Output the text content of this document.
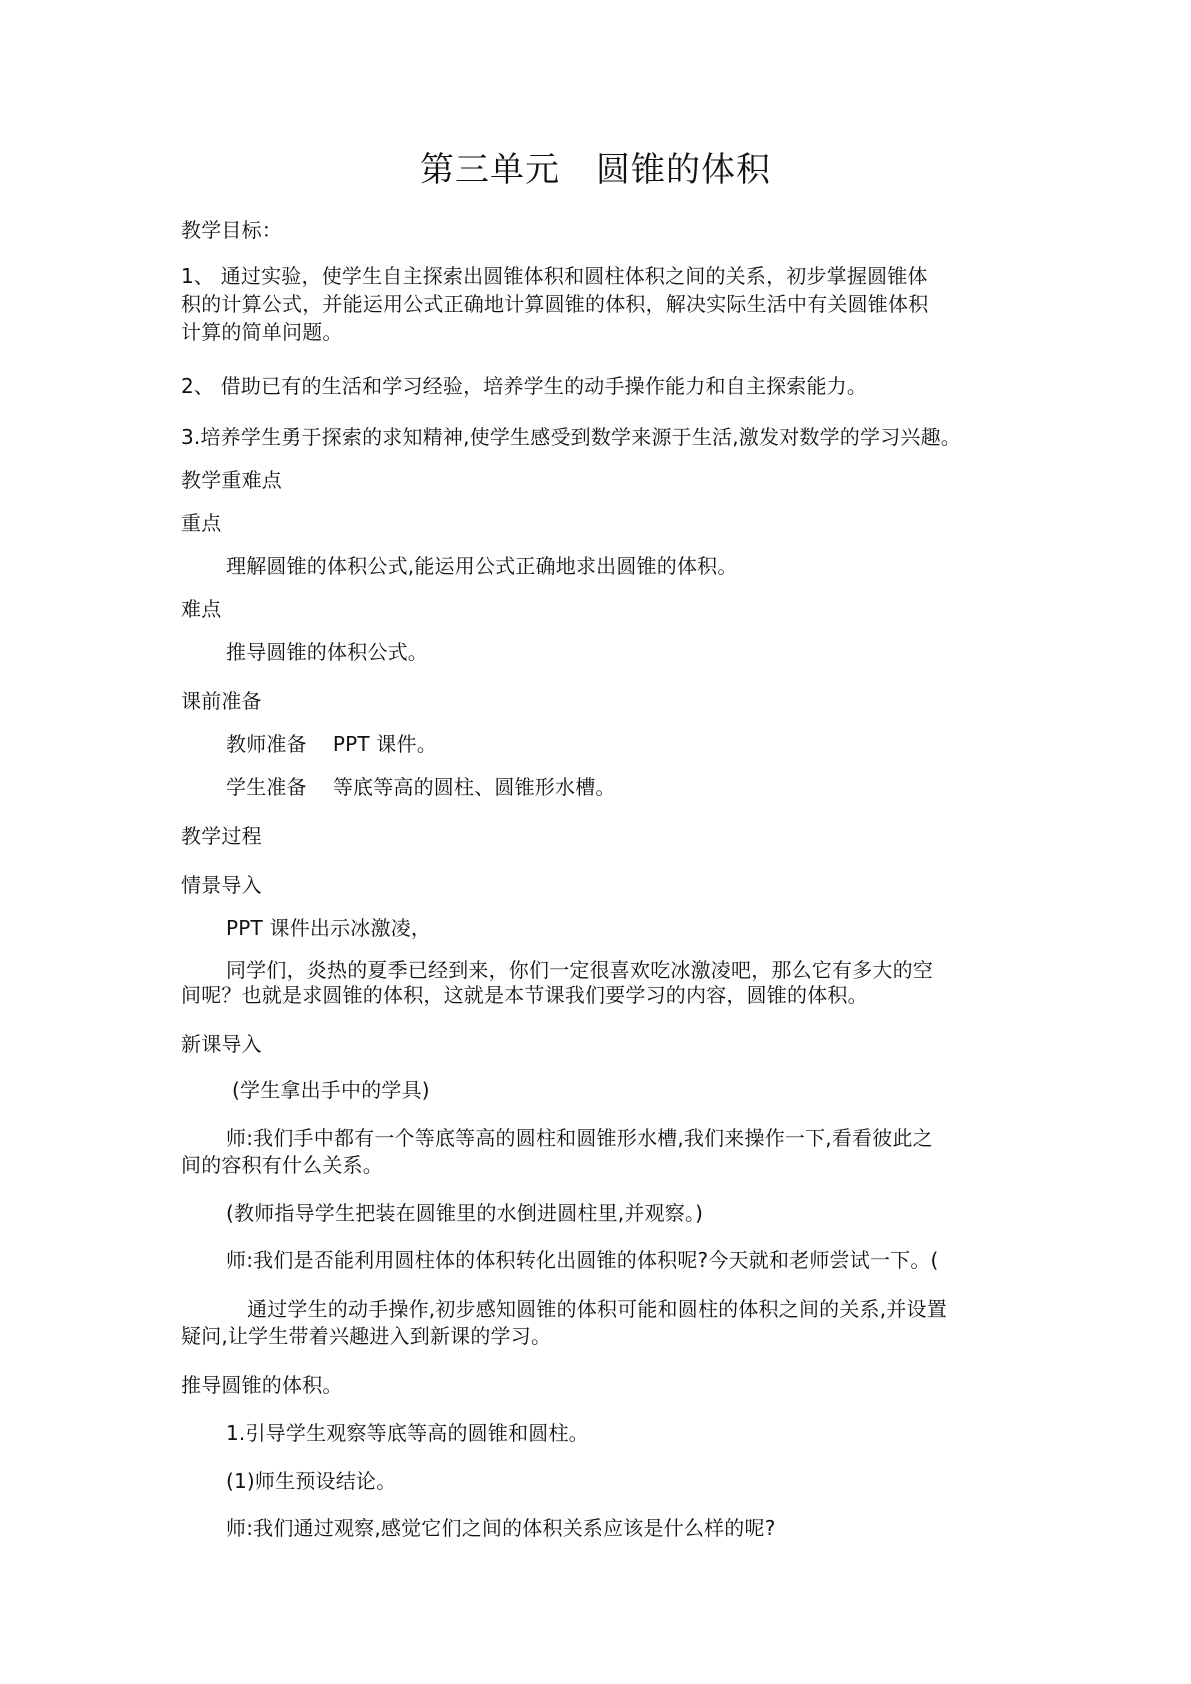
第三单元 圆锥的体积
教学目标：
1、 通过实验，使学生自主探索出圆锥体积和圆柱体积之间的关系，初步掌握圆锥体
积的计算公式，并能运用公式正确地计算圆锥的体积，解决实际生活中有关圆锥体积
计算的简单问题。
2、 借助已有的生活和学习经验，培养学生的动手操作能力和自主探索能力。
3.培养学生勇于探索的求知精神,使学生感受到数学来源于生活,激发对数学的学习兴趣。
教学重难点
重点
理解圆锥的体积公式,能运用公式正确地求出圆锥的体积。
难点
推导圆锥的体积公式。
课前准备
教师准备 PPT 课件。
学生准备 等底等高的圆柱、圆锥形水槽。
教学过程
情景导入
PPT 课件出示冰激凌，
同学们，炎热的夏季已经到来，你们一定很喜欢吃冰激凌吧，那么它有多大的空
间呢？也就是求圆锥的体积，这就是本节课我们要学习的内容，圆锥的体积。
新课导入
(学生拿出手中的学具)
师:我们手中都有一个等底等高的圆柱和圆锥形水槽,我们来操作一下,看看彼此之
间的容积有什么关系。
(教师指导学生把装在圆锥里的水倒进圆柱里,并观察。)
师:我们是否能利用圆柱体的体积转化出圆锥的体积呢?今天就和老师尝试一下。(
通过学生的动手操作,初步感知圆锥的体积可能和圆柱的体积之间的关系,并设置
疑问,让学生带着兴趣进入到新课的学习。
推导圆锥的体积。
1.引导学生观察等底等高的圆锥和圆柱。
(1)师生预设结论。
师:我们通过观察,感觉它们之间的体积关系应该是什么样的呢?
